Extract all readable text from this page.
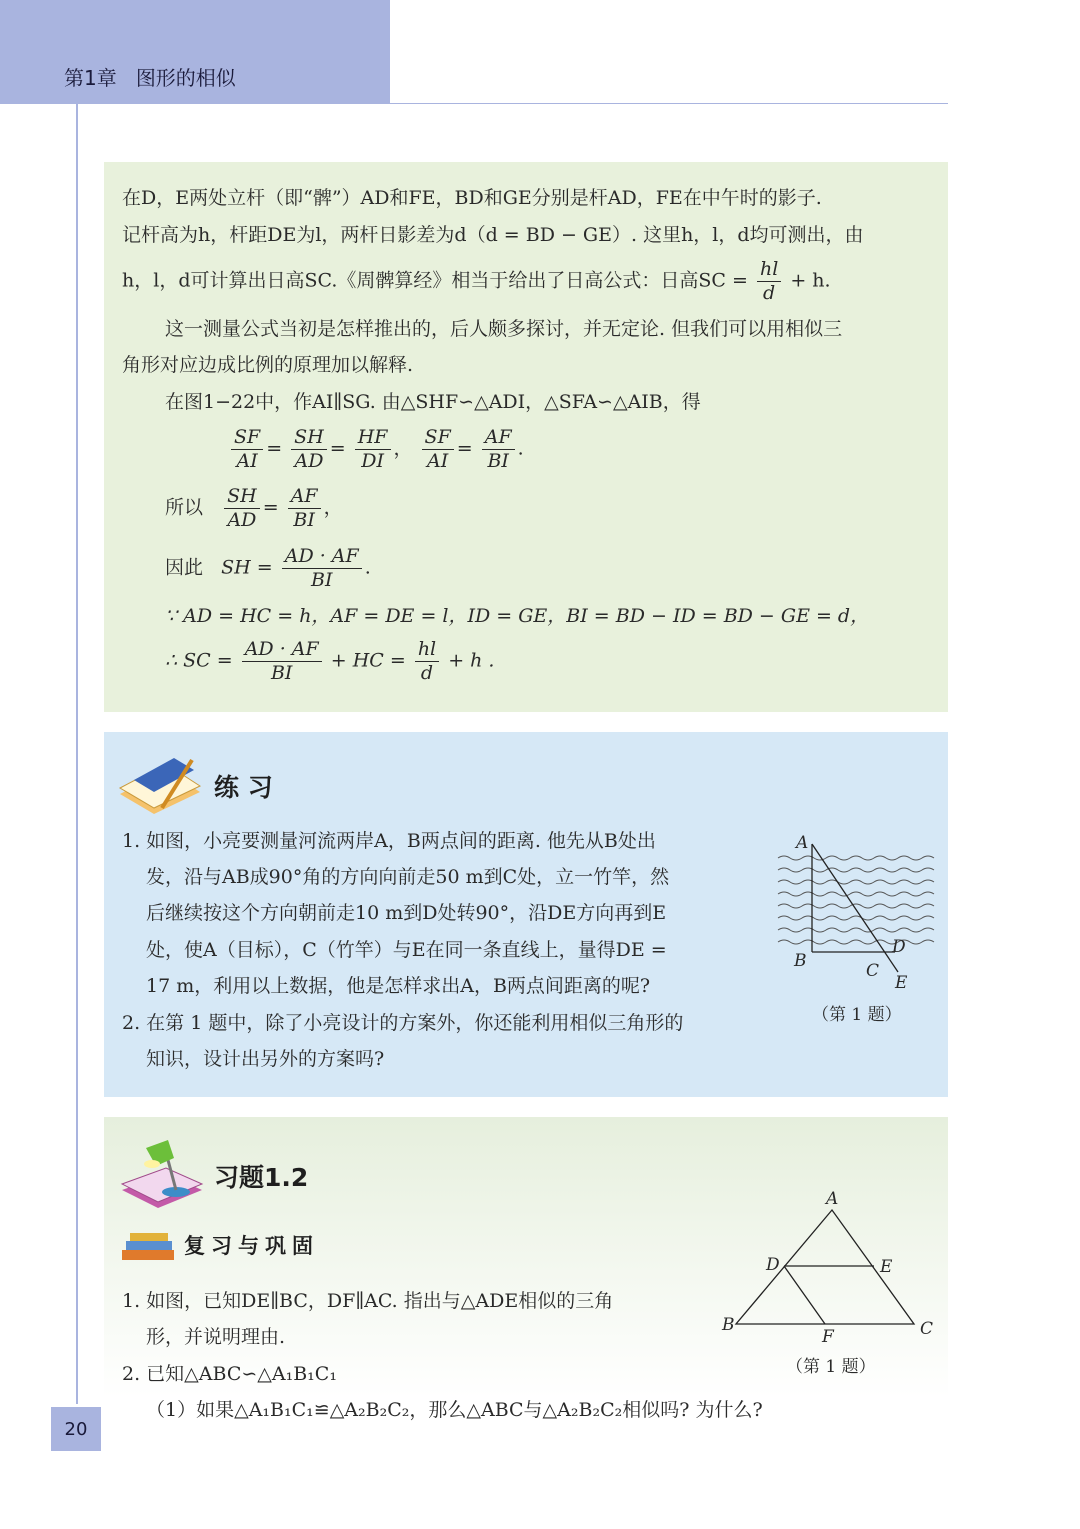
第1章 图形的相似
在D，E两处立杆（即“髀”）AD和FE，BD和GE分别是杆AD，FE在中午时的影子.
记杆高为h，杆距DE为l，两杆日影差为d（d = BD − GE）. 这里h，l，d均可测出，由
h，l，d可计算出日高SC.《周髀算经》相当于给出了日高公式：日高SC = $\frac{hl}{d} + h$.
这一测量公式当初是怎样推出的，后人颇多探讨，并无定论. 但我们可以用相似三
角形对应边成比例的原理加以解释.
在图1−22中，作AI∥SG. 由△SHF∽△ADI，△SFA∽△AIB，得
$\frac{SF}{AI} = \frac{SH}{AD} = \frac{HF}{DI}$ ， $\frac{SF}{AI} = \frac{AF}{BI}$ .
所以 $\frac{SH}{AD} = \frac{AF}{BI}$ ，
因此 SH = $\frac{AD \cdot AF}{BI}$ .
∵ AD = HC = h，AF = DE = l，ID = GE，BI = BD − ID = BD − GE = d，
∴ SC = $\frac{AD \cdot AF}{BI}$ + HC = $\frac{hl}{d} + h$ .
练 习
1. 如图，小亮要测量河流两岸A，B两点间的距离. 他先从B处出
发，沿与AB成90°角的方向向前走50 m到C处，立一竹竿，然
后继续按这个方向朝前走10 m到D处转90°，沿DE方向再到E
处，使A（目标），C（竹竿）与E在同一条直线上，量得DE =
17 m，利用以上数据，他是怎样求出A，B两点间距离的呢?
2. 在第 1 题中，除了小亮设计的方案外，你还能利用相似三角形的
知识，设计出另外的方案吗?
A
B	C
D
E
（第 1 题）
习题1.2
复习与巩固
1. 如图，已知DE∥BC，DF∥AC. 指出与△ADE相似的三角
形，并说明理由.
2. 已知△ABC∽△A₁B₁C₁
（1）如果△A₁B₁C₁≌△A₂B₂C₂，那么△ABC与△A₂B₂C₂相似吗? 为什么?
A
D	E
B	C
F
（第 1 题）
20
